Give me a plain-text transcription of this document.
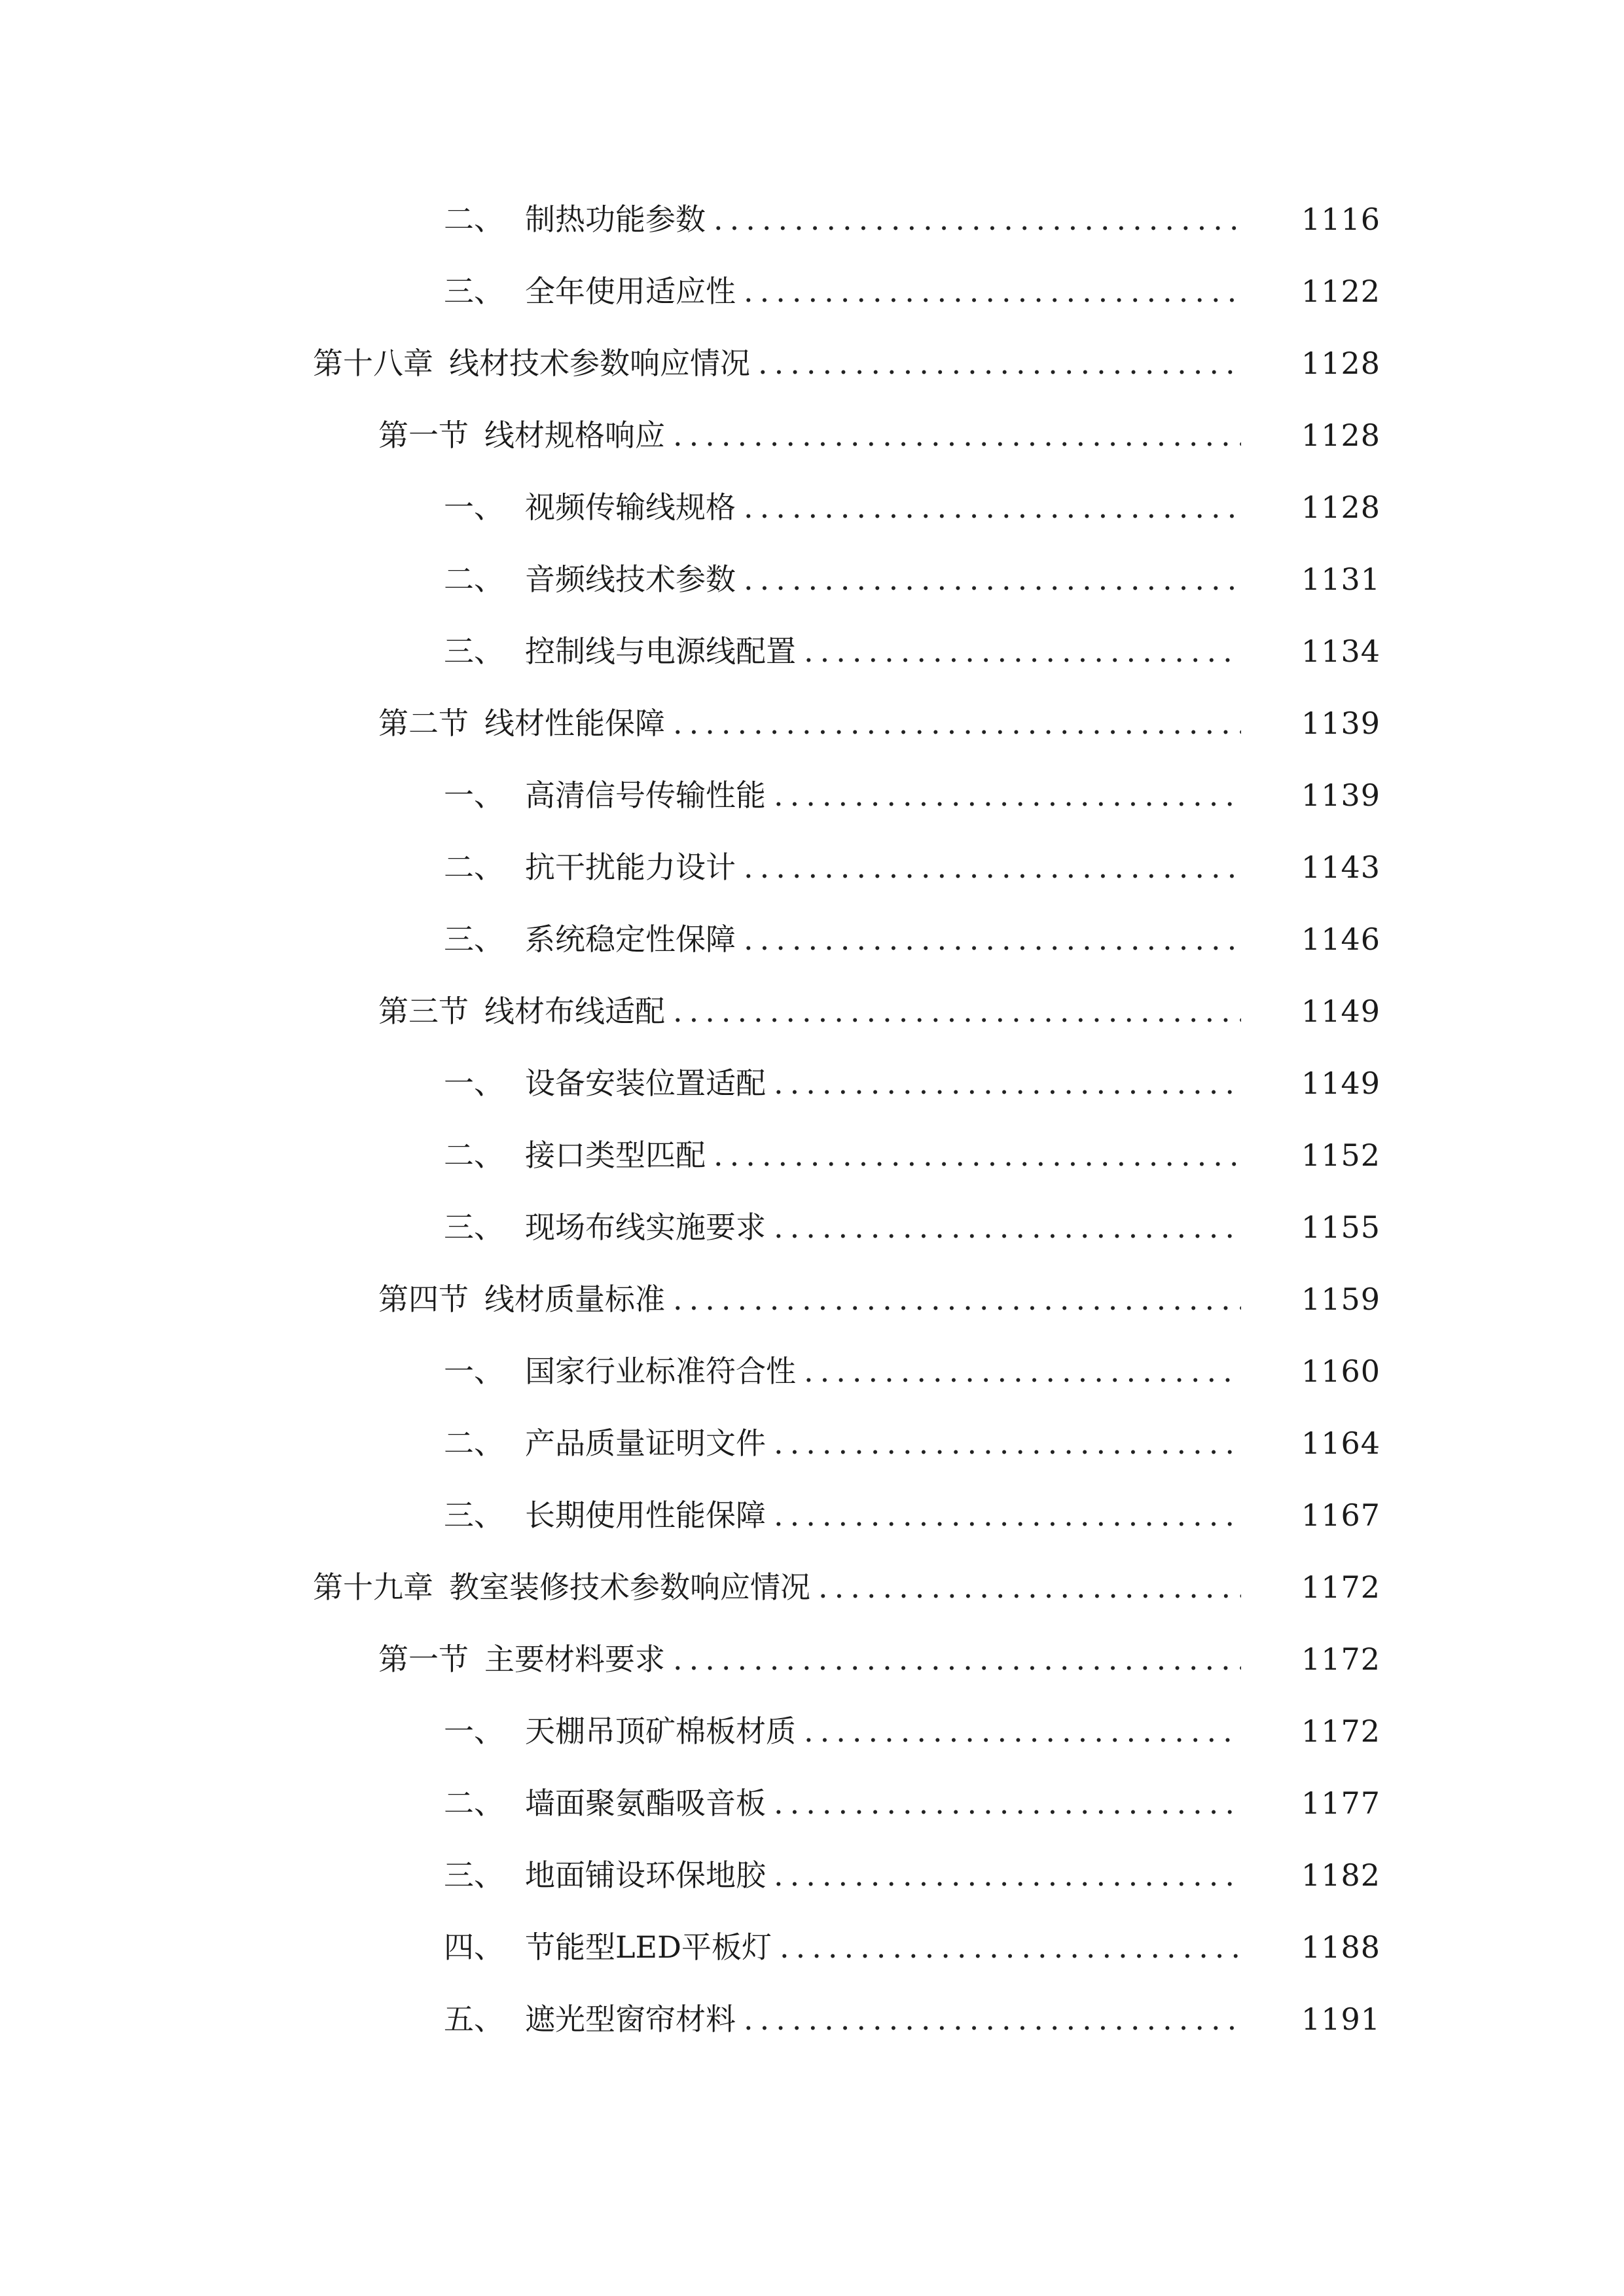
二、 制热功能参数 .....	1116
三、 全年使用适应性 .....	1122
第十八章 线材技术参数响应情况 .....	1128
第一节 线材规格响应 .....	1128
一、 视频传输线规格 .....	1128
二、 音频线技术参数 .....	1131
三、 控制线与电源线配置 .....	1134
第二节 线材性能保障 .....	1139
一、 高清信号传输性能 .....	1139
二、 抗干扰能力设计 .....	1143
三、 系统稳定性保障 .....	1146
第三节 线材布线适配 .....	1149
一、 设备安装位置适配 .....	1149
二、 接口类型匹配 .....	1152
三、 现场布线实施要求 .....	1155
第四节 线材质量标准 .....	1159
一、 国家行业标准符合性 .....	1160
二、 产品质量证明文件 .....	1164
三、 长期使用性能保障 .....	1167
第十九章 教室装修技术参数响应情况 .....	1172
第一节 主要材料要求 .....	1172
一、 天棚吊顶矿棉板材质 .....	1172
二、 墙面聚氨酯吸音板 .....	1177
三、 地面铺设环保地胶 .....	1182
四、 节能型LED平板灯 .....	1188
五、 遮光型窗帘材料 .....	1191
